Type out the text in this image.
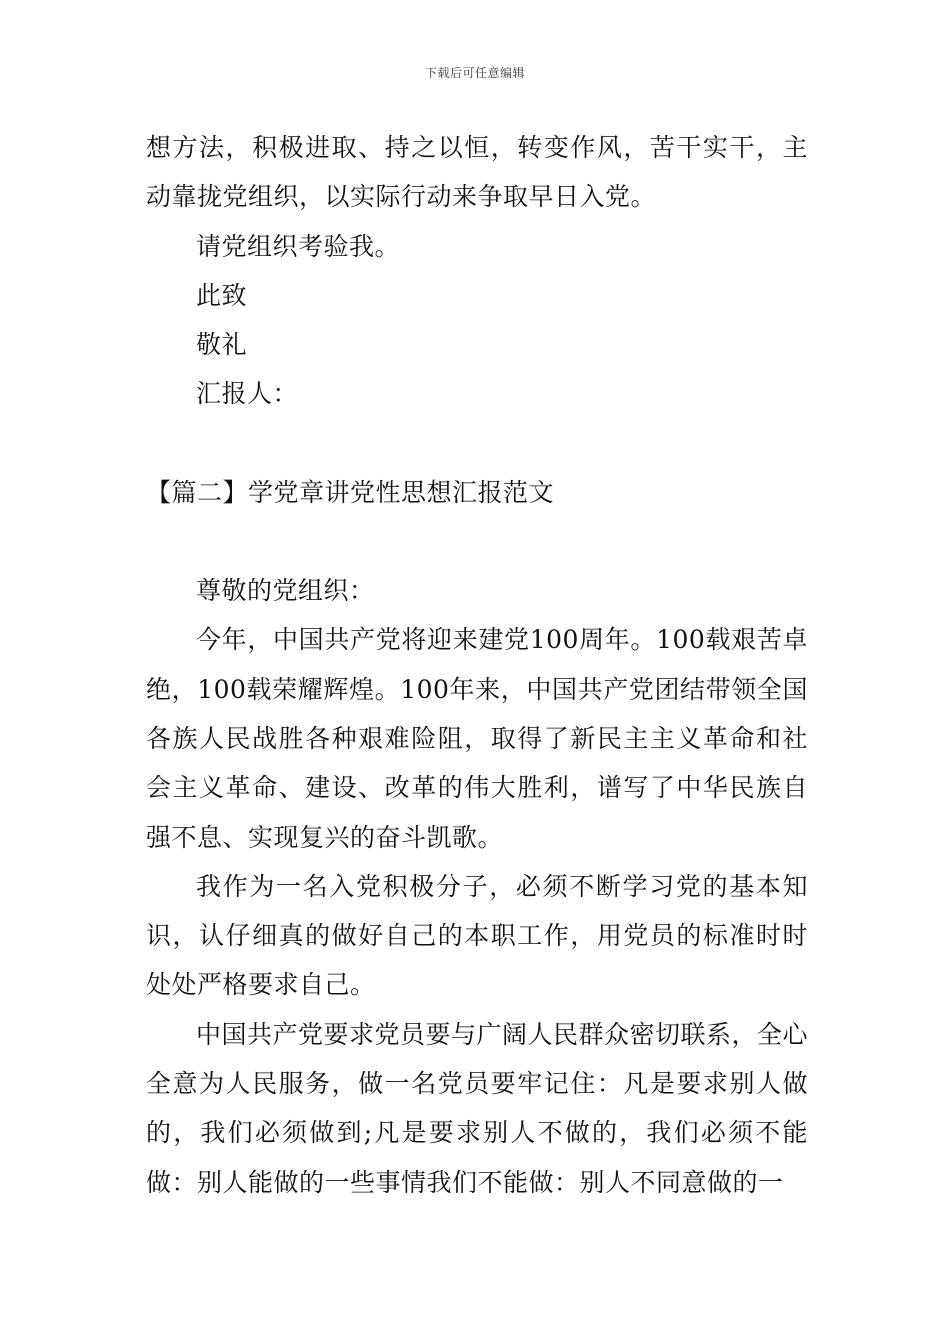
下载后可任意编辑

想方法，积极进取、持之以恒，转变作风，苦干实干，主动靠拢党组织，以实际行动来争取早日入党。

请党组织考验我。

此致

敬礼

汇报人：

【篇二】学党章讲党性思想汇报范文

尊敬的党组织：

今年，中国共产党将迎来建党100周年。100载艰苦卓绝，100载荣耀辉煌。100年来，中国共产党团结带领全国各族人民战胜各种艰难险阻，取得了新民主主义革命和社会主义革命、建设、改革的伟大胜利，谱写了中华民族自强不息、实现复兴的奋斗凯歌。

我作为一名入党积极分子，必须不断学习党的基本知识，认仔细真的做好自己的本职工作，用党员的标准时时处处严格要求自己。

中国共产党要求党员要与广阔人民群众密切联系，全心全意为人民服务，做一名党员要牢记住：凡是要求别人做的，我们必须做到;凡是要求别人不做的，我们必须不能做：别人能做的一些事情我们不能做：别人不同意做的一
